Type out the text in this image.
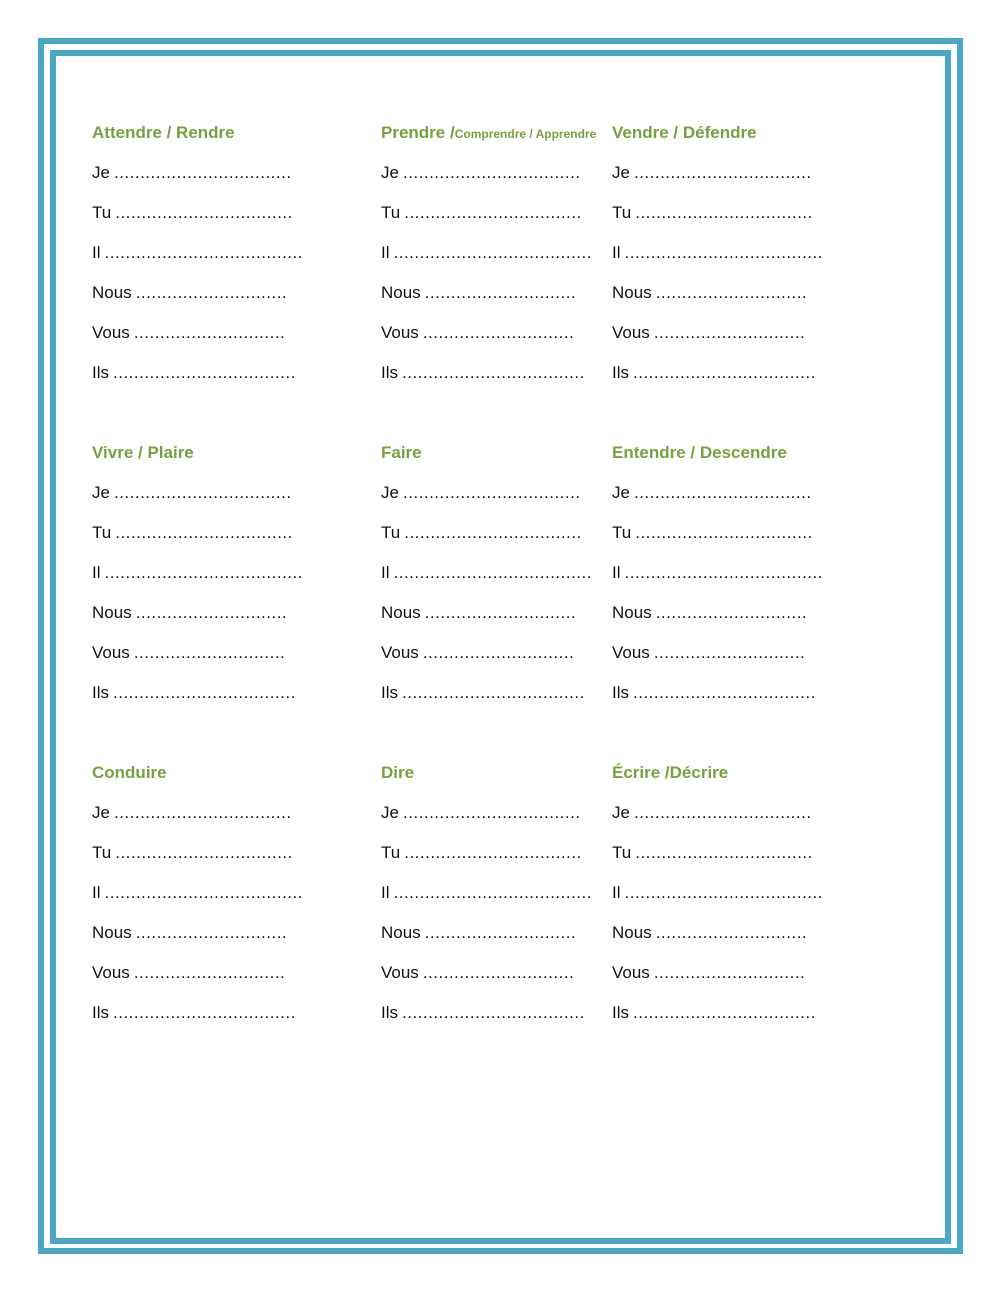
Attendre / Rendre
Je ..................................
Tu ..................................
Il ......................................
Nous .............................
Vous .............................
Ils ...................................
Prendre /Comprendre / Apprendre
Je ..................................
Tu ..................................
Il ......................................
Nous .............................
Vous .............................
Ils ...................................
Vendre / Défendre
Je ..................................
Tu ..................................
Il ......................................
Nous .............................
Vous .............................
Ils ...................................
Vivre / Plaire
Je ..................................
Tu ..................................
Il ......................................
Nous .............................
Vous .............................
Ils ...................................
Faire
Je ..................................
Tu ..................................
Il ......................................
Nous .............................
Vous .............................
Ils ...................................
Entendre / Descendre
Je ..................................
Tu ..................................
Il ......................................
Nous .............................
Vous .............................
Ils ...................................
Conduire
Je ..................................
Tu ..................................
Il ......................................
Nous .............................
Vous .............................
Ils ...................................
Dire
Je ..................................
Tu ..................................
Il ......................................
Nous .............................
Vous .............................
Ils ...................................
Écrire /Décrire
Je ..................................
Tu ..................................
Il ......................................
Nous .............................
Vous .............................
Ils ...................................
